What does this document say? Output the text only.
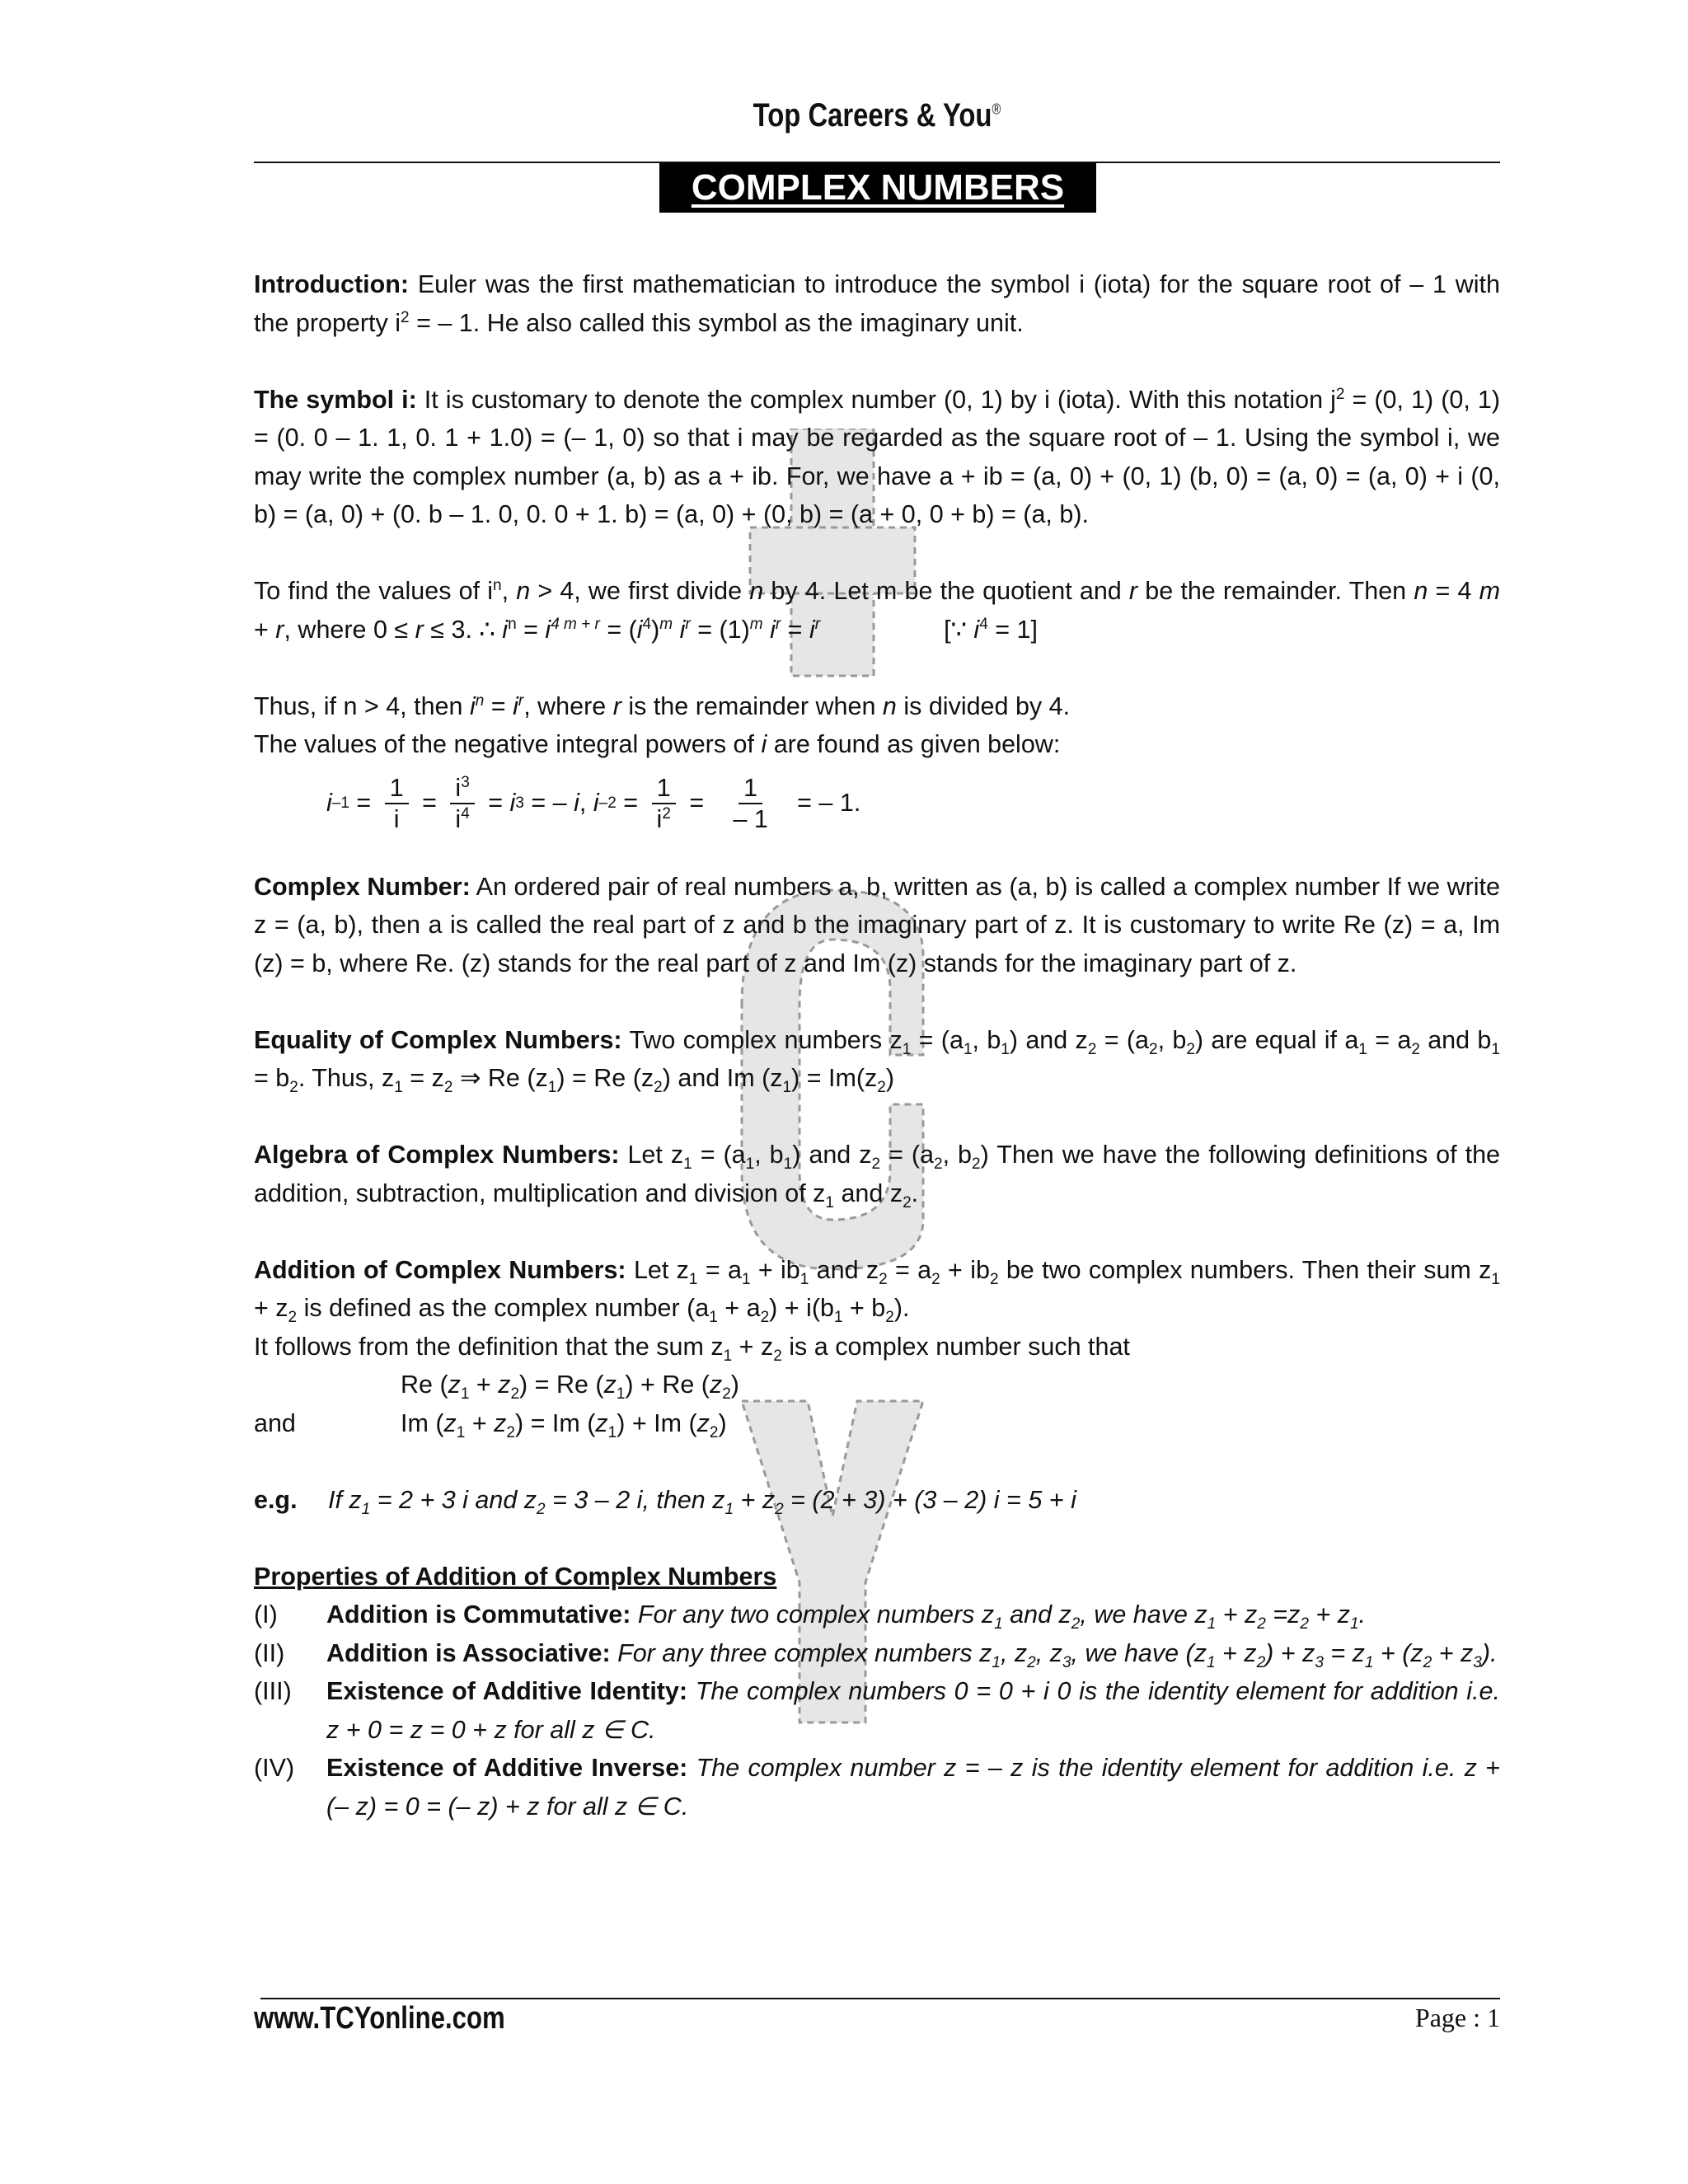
Top Careers & You®
COMPLEX NUMBERS

Introduction: Euler was the first mathematician to introduce the symbol i (iota) for the square root of – 1 with the property $i^2$ = – 1. He also called this symbol as the imaginary unit.

The symbol i: It is customary to denote the complex number (0, 1) by i (iota). With this notation $j^2 = (0$, 1) (0, 1) = (0. 0 – 1. 1, 0. 1 + 1.0) = (– 1, 0) so that i may be regarded as the square root of – 1. Using the symbol i, we may write the complex number (a, b) as a + ib. For, we have a + ib = (a, 0) + (0, 1) (b, 0) = (a, 0) = (a, 0) + i (0, b) = (a, 0) + (0. b – 1. 0, 0. 0 + 1. b) = (a, 0) + (0, b) = (a + 0, 0 + b) = (a, b).

To find the values of $i^n$, n > 4, we first divide n by 4. Let m be the quotient and r be the remainder. Then n = 4 m + r, where 0 ≤ r ≤ 3. ∴ $i^n = i^{4 m + r} = (i^4)^m$ $i^r = (1)^m$ $i^r = i^r$	[∵ $i^4 = 1$]

Thus, if n > 4, then $i^n = i^r$, where r is the remainder when n is divided by 4.

The values of the negative integral powers of i are found as given below:

i $-1 = \frac{1}{i} = \frac{i^3}{i^4} = i$ 3 = – i , i $-2 = \frac{1}{i^2} = \frac{1}{- 1}$ = – 1.

Complex Number: An ordered pair of real numbers a, b, written as (a, b) is called a complex number If we write z = (a, b), then a is called the real part of z and b the imaginary part of z. It is customary to write Re (z) = a, Im (z) = b, where Re. (z) stands for the real part of z and Im (z) stands for the imaginary part of z.

Equality of Complex Numbers: Two complex numbers $z_1 = (a_1$, $b_1$) and $z_2 = (a_2$, $b_2$) are equal if $a_1 = a_2$ and $b_1 = b_2$. Thus, $z_1 = z_2$ ⇒ Re $(z_1) = Re$ $(z_2)$ and Im $(z_1) = Im(z_2)$

Algebra of Complex Numbers: Let $z_1 = (a_1$, $b_1$) and $z_2 = (a_2$, $b_2$) Then we have the following definitions of the addition, subtraction, multiplication and division of $z_1$ and $z_2$.

Addition of Complex Numbers: Let $z_1 = a_1 + ib_1$ and $z_2 = a_2 + ib_2$ be two complex numbers. Then their sum $z_1 + z_2$ is defined as the complex number $(a_1 + a_2) + i(b_1 + b_2)$.

It follows from the definition that the sum $z_1 + z_2$ is a complex number such that

Re $(z_1 + z_2) = Re$ $(z_1) + Re$ $(z_2)$

and	Im $(z_1 + z_2) = Im$ $(z_1) + Im$ $(z_2)$

e.g.	If $z_1 = 2 + 3$ i and $z_2 = 3 - 2$ i, then $z_1 + z_2 = (2 + 3) + (3 - 2) i = 5 + i$

Properties of Addition of Complex Numbers

(I)	Addition is Commutative: For any two complex numbers $z_1$ and $z_2$, we have $z_1 + z_2 =z_2 + z_1$.
(II)	Addition is Associative: For any three complex numbers $z_1$, $z_2$, $z_3$, we have $(z_1 + z_2) + z_3 = z_1 + (z_2 + z_3)$.
(III)	Existence of Additive Identity: The complex numbers 0 = 0 + i 0 is the identity element for addition i.e. z + 0 = z = 0 + z for all z ∈ C.
(IV)	Existence of Additive Inverse: The complex number z = – z is the identity element for addition i.e. z + (– z) = 0 = (– z) + z for all z ∈ C.
www.TCYonline.com	Page : 1
